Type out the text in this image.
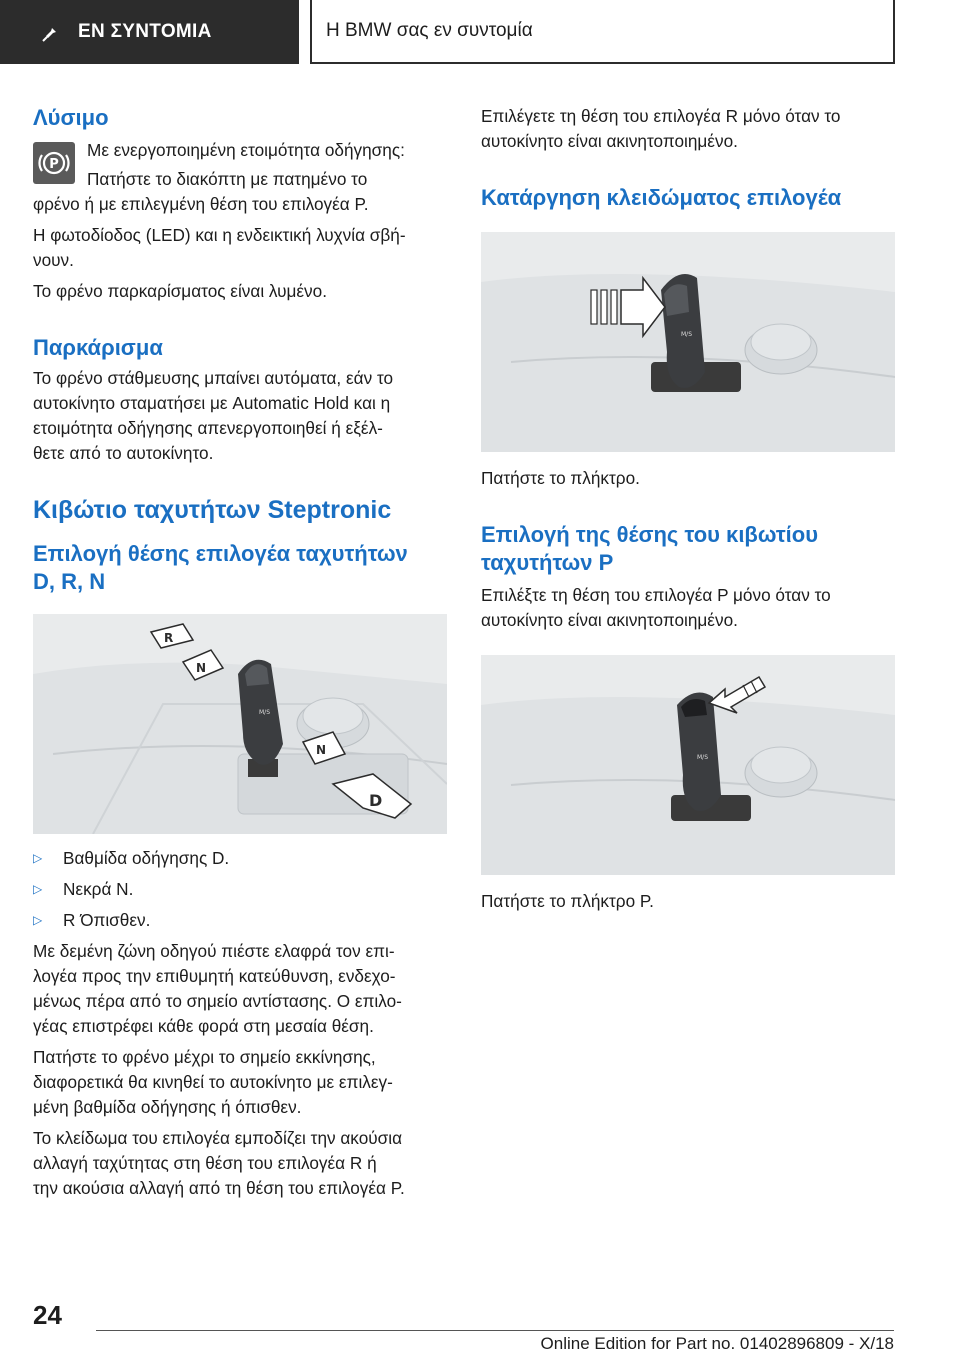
ΕΝ ΣΥΝΤΟΜΙΑ	Η BMW σας εν συντομία
Λύσιμο
P
Με ενεργοποιημένη ετοιμότητα οδήγησης:
Πατήστε το διακόπτη με πατημένο το
φρένο ή με επιλεγμένη θέση του επιλογέα P.
Η φωτοδίοδος (LED) και η ενδεικτική λυχνία σβή-
νουν.
Το φρένο παρκαρίσματος είναι λυμένο.
Παρκάρισμα
Το φρένο στάθμευσης μπαίνει αυτόματα, εάν το
αυτοκίνητο σταματήσει με Automatic Hold και η
ετοιμότητα οδήγησης απενεργοποιηθεί ή εξέλ-
θετε από το αυτοκίνητο.
Κιβώτιο ταχυτήτων Steptronic
Επιλογή θέσης επιλογέα ταχυτήτων
D, R, N
M/S
R
N
N
D
▷	Βαθμίδα οδήγησης D.
▷	Νεκρά N.
▷	R Όπισθεν.
Με δεμένη ζώνη οδηγού πιέστε ελαφρά τον επι-
λογέα προς την επιθυμητή κατεύθυνση, ενδεχο-
μένως πέρα από το σημείο αντίστασης. Ο επιλο-
γέας επιστρέφει κάθε φορά στη μεσαία θέση.
Πατήστε το φρένο μέχρι το σημείο εκκίνησης,
διαφορετικά θα κινηθεί το αυτοκίνητο με επιλεγ-
μένη βαθμίδα οδήγησης ή όπισθεν.
Το κλείδωμα του επιλογέα εμποδίζει την ακούσια
αλλαγή ταχύτητας στη θέση του επιλογέα R ή
την ακούσια αλλαγή από τη θέση του επιλογέα P.
Επιλέγετε τη θέση του επιλογέα R μόνο όταν το
αυτοκίνητο είναι ακινητοποιημένο.
Κατάργηση κλειδώματος επιλογέα
M/S
Πατήστε το πλήκτρο.
Επιλογή της θέσης του κιβωτίου
ταχυτήτων P
Επιλέξτε τη θέση του επιλογέα P μόνο όταν το
αυτοκίνητο είναι ακινητοποιημένο.
M/S
Πατήστε το πλήκτρο P.
24
Online Edition for Part no. 01402896809 - X/18
